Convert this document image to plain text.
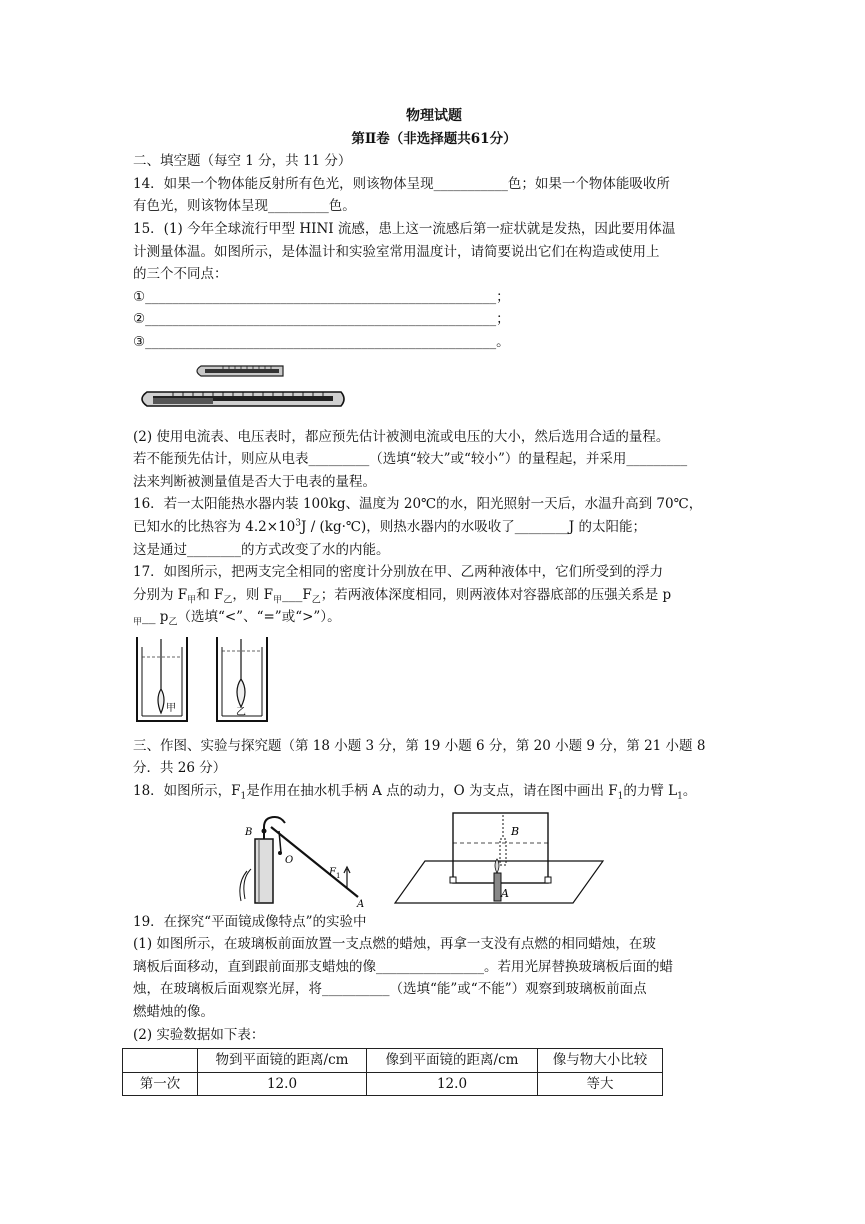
物理试题

第Ⅱ卷（非选择题共61分）

二、填空题（每空 1 分，共 11 分）

14．如果一个物体能反射所有色光，则该物体呈现___________色；如果一个物体能吸收所

有色光，则该物体呈现_________色。

15．(1) 今年全球流行甲型 HINI 流感，患上这一流感后第一症状就是发热，因此要用体温

计测量体温。如图所示，是体温计和实验室常用温度计，请简要说出它们在构造或使用上

的三个不同点：

①____________________________________________________；

②____________________________________________________；

③____________________________________________________。

(2) 使用电流表、电压表时，都应预先估计被测电流或电压的大小，然后选用合适的量程。

若不能预先估计，则应从电表_________（选填“较大”或“较小”）的量程起，并采用_________

法来判断被测量值是否大于电表的量程。

16．若一太阳能热水器内装 100kg、温度为 20℃的水，阳光照射一天后，水温升高到 70℃，

已知水的比热容为 $4.2\times 10^3J$ / (kg·℃)，则热水器内的水吸收了________J 的太阳能；

这是通过________的方式改变了水的内能。

17．如图所示，把两支完全相同的密度计分别放在甲、乙两种液体中，它们所受到的浮力

分别为 $F_甲$和 $F_乙$，则 $F_甲\_\_\_F_乙$；若两液体深度相同，则两液体对容器底部的压强关系是 p

$_甲$__ $p_乙$（选填“<”、“=”或“>”）。

甲	乙

三、作图、实验与探究题（第 18 小题 3 分，第 19 小题 6 分，第 20 小题 9 分，第 21 小题 8

分．共 26 分）

18．如图所示，$F_1$是作用在抽水机手柄 A 点的动力，O 为支点，请在图中画出 $F_1$的力臂 $L_1$。

B
O
F 1
A
B
A

19．在探究“平面镜成像特点”的实验中

(1) 如图所示，在玻璃板前面放置一支点燃的蜡烛，再拿一支没有点燃的相同蜡烛，在玻

璃板后面移动，直到跟前面那支蜡烛的像________________。若用光屏替换玻璃板后面的蜡

烛，在玻璃板后面观察光屏，将__________（选填“能”或“不能”）观察到玻璃板前面点

燃蜡烛的像。

(2) 实验数据如下表：

	物到平面镜的距离/cm	像到平面镜的距离/cm	像与物大小比较
第一次	12.0	12.0	等大
